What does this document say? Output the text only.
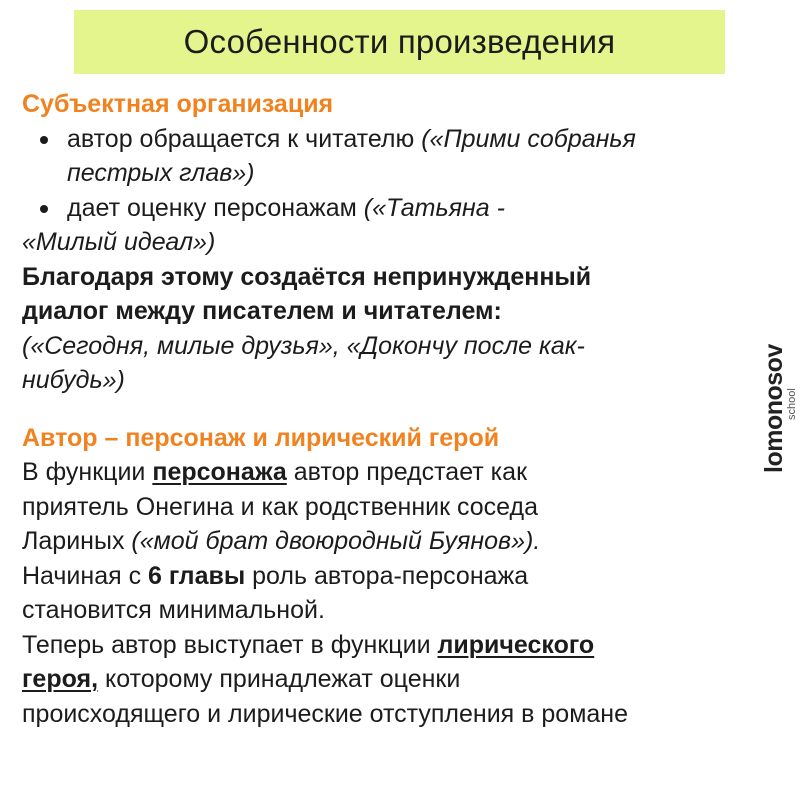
Особенности произведения
Субъектная организация
автор обращается к читателю («Прими собранья
пестрых глав»)
дает оценку персонажам («Татьяна -
«Милый идеал»)
Благодаря этому создаётся непринужденный
диалог между писателем и читателем:
(«Сегодня, милые друзья», «Докончу после как-
нибудь»)
Автор – персонаж и лирический герой
В функции персонажа автор предстает как
приятель Онегина и как родственник соседа
Лариных («мой брат двоюродный Буянов»).
Начиная с 6 главы роль автора-персонажа
становится минимальной.
Теперь автор выступает в функции лирического
героя, которому принадлежат оценки
происходящего и лирические отступления в романе
lomonosov
school
